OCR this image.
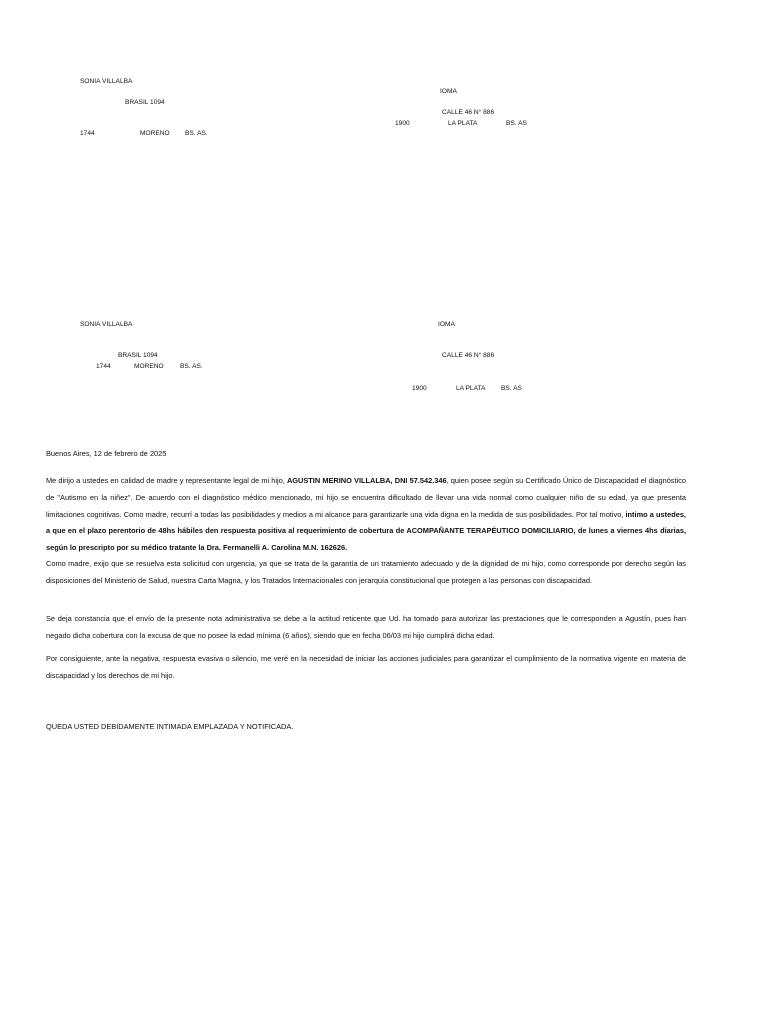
SONIA VILLALBA
BRASIL 1094
1744	MORENO BS. AS.
IOMA
CALLE 46 N° 886
1900	LA PLATA	BS. AS
SONIA VILLALBA
BRASIL 1094
1744	MORENO BS. AS.
IOMA
CALLE 46 N° 886
1900	LA PLATA BS. AS
Buenos Aires, 12 de febrero de 2025
Me dirijo a ustedes en calidad de madre y representante legal de mi hijo, AGUSTIN MERINO VILLALBA, DNI 57.542.346, quien posee según su Certificado Único de Discapacidad el diagnóstico de "Autismo en la niñez". De acuerdo con el diagnóstico médico mencionado, mi hijo se encuentra dificultado de llevar una vida normal como cualquier niño de su edad, ya que presenta limitaciones cognitivas. Como madre, recurrí a todas las posibilidades y medios a mi alcance para garantizarle una vida digna en la medida de sus posibilidades. Por tal motivo, intimo a ustedes, a que en el plazo perentorio de 48hs hábiles den respuesta positiva al requerimiento de cobertura de ACOMPAÑANTE TERAPÉUTICO DOMICILIARIO, de lunes a viernes 4hs diarias, según lo prescripto por su médico tratante la Dra. Fermanelli A. Carolina M.N. 162626.
Como madre, exijo que se resuelva esta solicitud con urgencia, ya que se trata de la garantía de un tratamiento adecuado y de la dignidad de mi hijo, como corresponde por derecho según las disposiciones del Ministerio de Salud, nuestra Carta Magna, y los Tratados Internacionales con jerarquía constitucional que protegen a las personas con discapacidad.
Se deja constancia que el envío de la presente nota administrativa se debe a la actitud reticente que Ud. ha tomado para autorizar las prestaciones que le corresponden a Agustín, pues han negado dicha cobertura con la excusa de que no posee la edad mínima (6 años), siendo que en fecha 06/03 mi hijo cumplirá dicha edad.
Por consiguiente, ante la negativa, respuesta evasiva o silencio, me veré en la necesidad de iniciar las acciones judiciales para garantizar el cumplimiento de la normativa vigente en materia de discapacidad y los derechos de mi hijo.
QUEDA USTED DEBIDAMENTE INTIMADA EMPLAZADA Y NOTIFICADA.
